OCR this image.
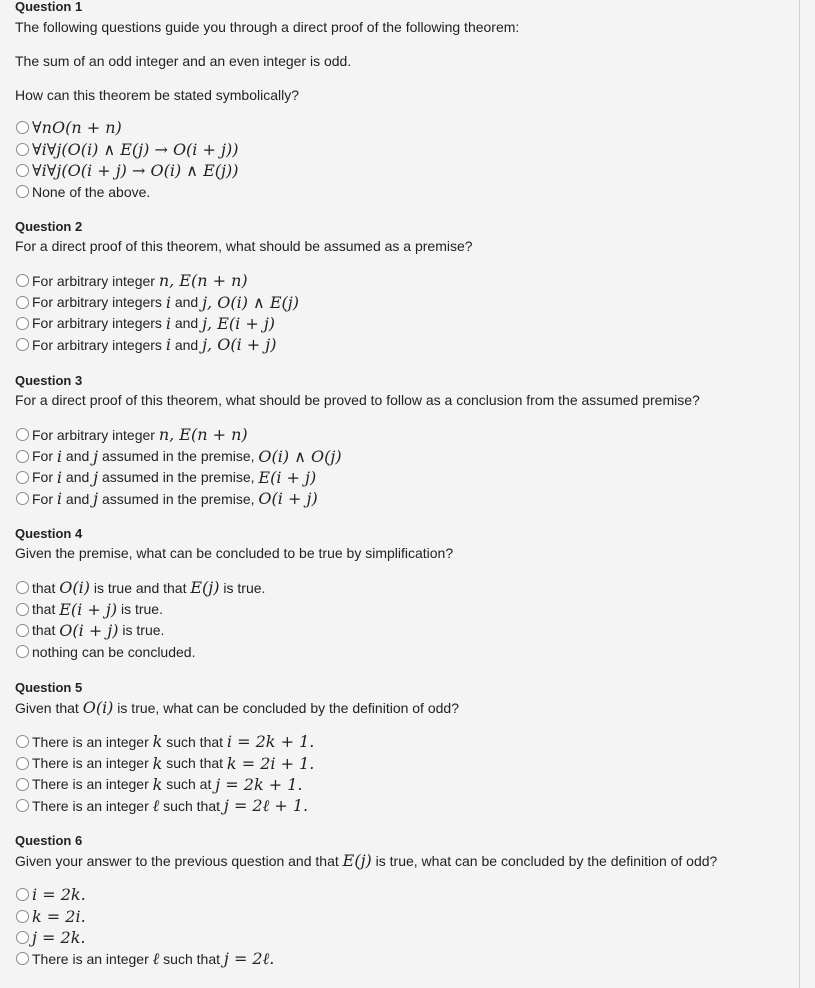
Question 1
The following questions guide you through a direct proof of the following theorem:
The sum of an odd integer and an even integer is odd.
How can this theorem be stated symbolically?
∀nO(n + n)
∀i∀j(O(i) ∧ E(j) → O(i + j))
∀i∀j(O(i + j) → O(i) ∧ E(j))
None of the above.
Question 2
For a direct proof of this theorem, what should be assumed as a premise?
For arbitrary integer n, E(n + n)
For arbitrary integers i and j, O(i) ∧ E(j)
For arbitrary integers i and j, E(i + j)
For arbitrary integers i and j, O(i + j)
Question 3
For a direct proof of this theorem, what should be proved to follow as a conclusion from the assumed premise?
For arbitrary integer n, E(n + n)
For i and j assumed in the premise, O(i) ∧ O(j)
For i and j assumed in the premise, E(i + j)
For i and j assumed in the premise, O(i + j)
Question 4
Given the premise, what can be concluded to be true by simplification?
that O(i) is true and that E(j) is true.
that E(i + j) is true.
that O(i + j) is true.
nothing can be concluded.
Question 5
Given that O(i) is true, what can be concluded by the definition of odd?
There is an integer k such that i = 2k + 1.
There is an integer k such that k = 2i + 1.
There is an integer k such at j = 2k + 1.
There is an integer ℓ such that j = 2ℓ + 1.
Question 6
Given your answer to the previous question and that E(j) is true, what can be concluded by the definition of odd?
i = 2k.
k = 2i.
j = 2k.
There is an integer ℓ such that j = 2ℓ.
